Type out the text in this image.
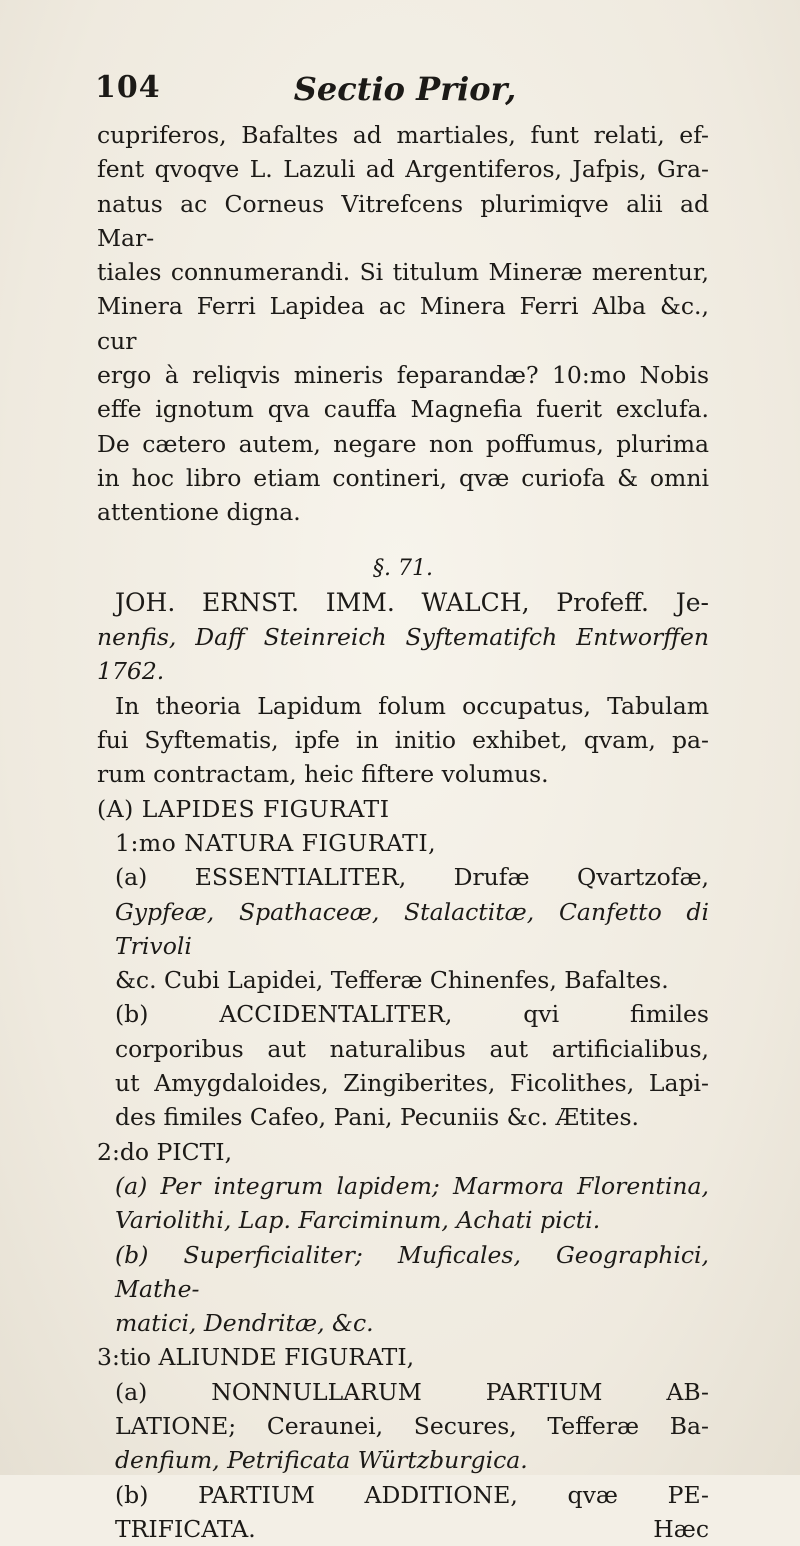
104	Sectio Prior,

cupriferos, Bafaltes ad martiales, funt relati, ef-

fent qvoqve L. Lazuli ad Argentiferos, Jafpis, Gra-

natus ac Corneus Vitrefcens plurimiqve alii ad Mar-

tiales connumerandi. Si titulum Mineræ merentur,

Minera Ferri Lapidea ac Minera Ferri Alba &c., cur

ergo à reliqvis mineris feparandæ? 10:mo Nobis

effe ignotum qva cauffa Magnefia fuerit exclufa.

De cætero autem, negare non poffumus, plurima

in hoc libro etiam contineri, qvæ curiofa & omni

attentione digna.

§. 71.

JOH. ERNST. IMM. WALCH, Profeff. Je-

nenfis, Daff Steinreich Syftematifch Entworffen 1762.

In theoria Lapidum folum occupatus, Tabulam

fui Syftematis, ipfe in initio exhibet, qvam, pa-

rum contractam, heic fiftere volumus.

(A) LAPIDES FIGURATI

1:mo NATURA FIGURATI,

(a) ESSENTIALITER, Drufæ Qvartzofæ,

Gypfeæ, Spathaceæ, Stalactitæ, Canfetto di Trivoli

&c. Cubi Lapidei, Tefferæ Chinenfes, Bafaltes.

(b) ACCIDENTALITER, qvi fimiles

corporibus aut naturalibus aut artificialibus,

ut Amygdaloides, Zingiberites, Ficolithes, Lapi-

des fimiles Cafeo, Pani, Pecuniis &c. Ætites.

2:do PICTI,

(a) Per integrum lapidem; Marmora Florentina,

Variolithi, Lap. Farciminum, Achati picti.

(b) Superficialiter; Muficales, Geographici, Mathe-

matici, Dendritæ, &c.

3:tio ALIUNDE FIGURATI,

(a) NONNULLARUM PARTIUM AB-

LATIONE; Ceraunei, Secures, Tefferæ Ba-

denfium, Petrificata Würtzburgica.

(b) PARTIUM ADDITIONE, qvæ PE-

TRIFICATA.	Hæc
